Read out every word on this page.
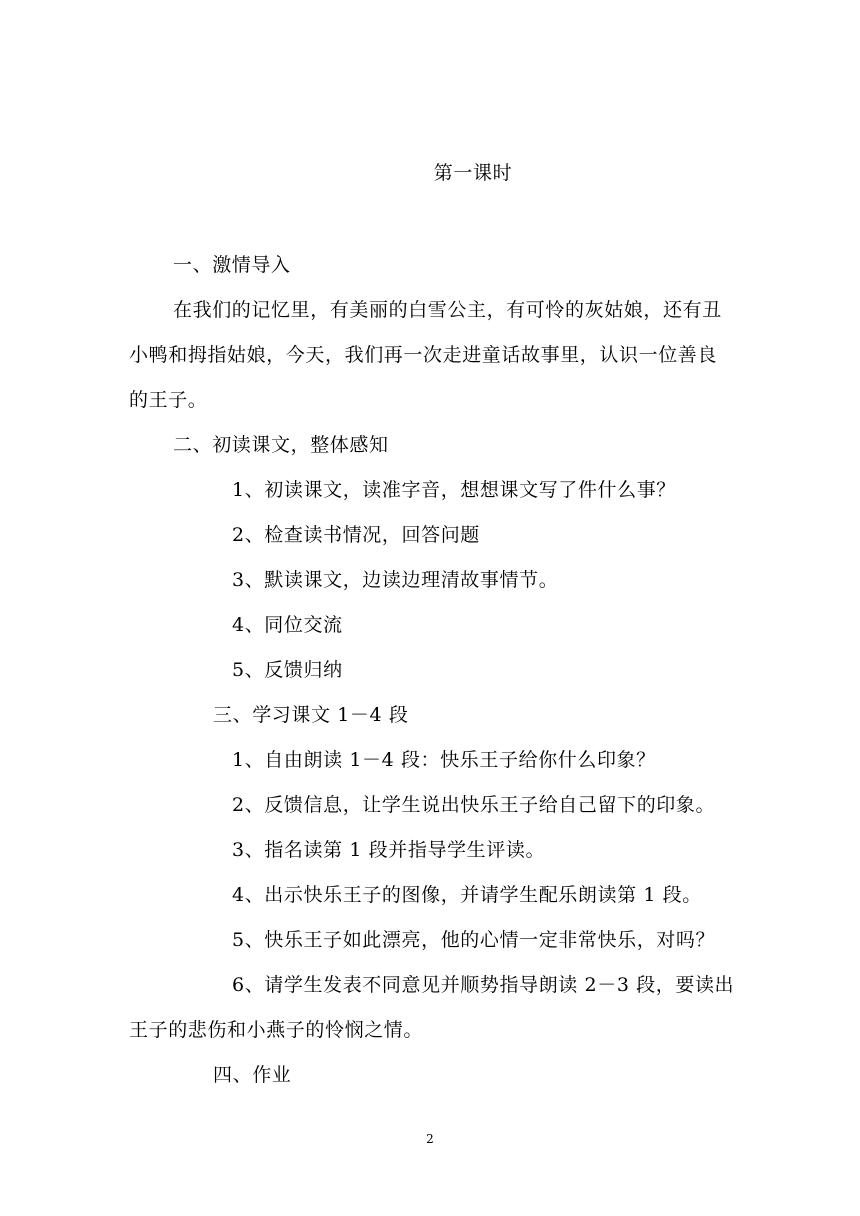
第一课时
一、激情导入
在我们的记忆里，有美丽的白雪公主，有可怜的灰姑娘，还有丑
小鸭和拇指姑娘，今天，我们再一次走进童话故事里，认识一位善良
的王子。
二、初读课文，整体感知
1、初读课文，读准字音，想想课文写了件什么事？
2、检查读书情况，回答问题
3、默读课文，边读边理清故事情节。
4、同位交流
5、反馈归纳
三、学习课文 1－4 段
1、自由朗读 1－4 段：快乐王子给你什么印象？
2、反馈信息，让学生说出快乐王子给自己留下的印象。
3、指名读第 1 段并指导学生评读。
4、出示快乐王子的图像，并请学生配乐朗读第 1 段。
5、快乐王子如此漂亮，他的心情一定非常快乐，对吗？
6、请学生发表不同意见并顺势指导朗读 2－3 段，要读出
王子的悲伤和小燕子的怜悯之情。
四、作业
2
